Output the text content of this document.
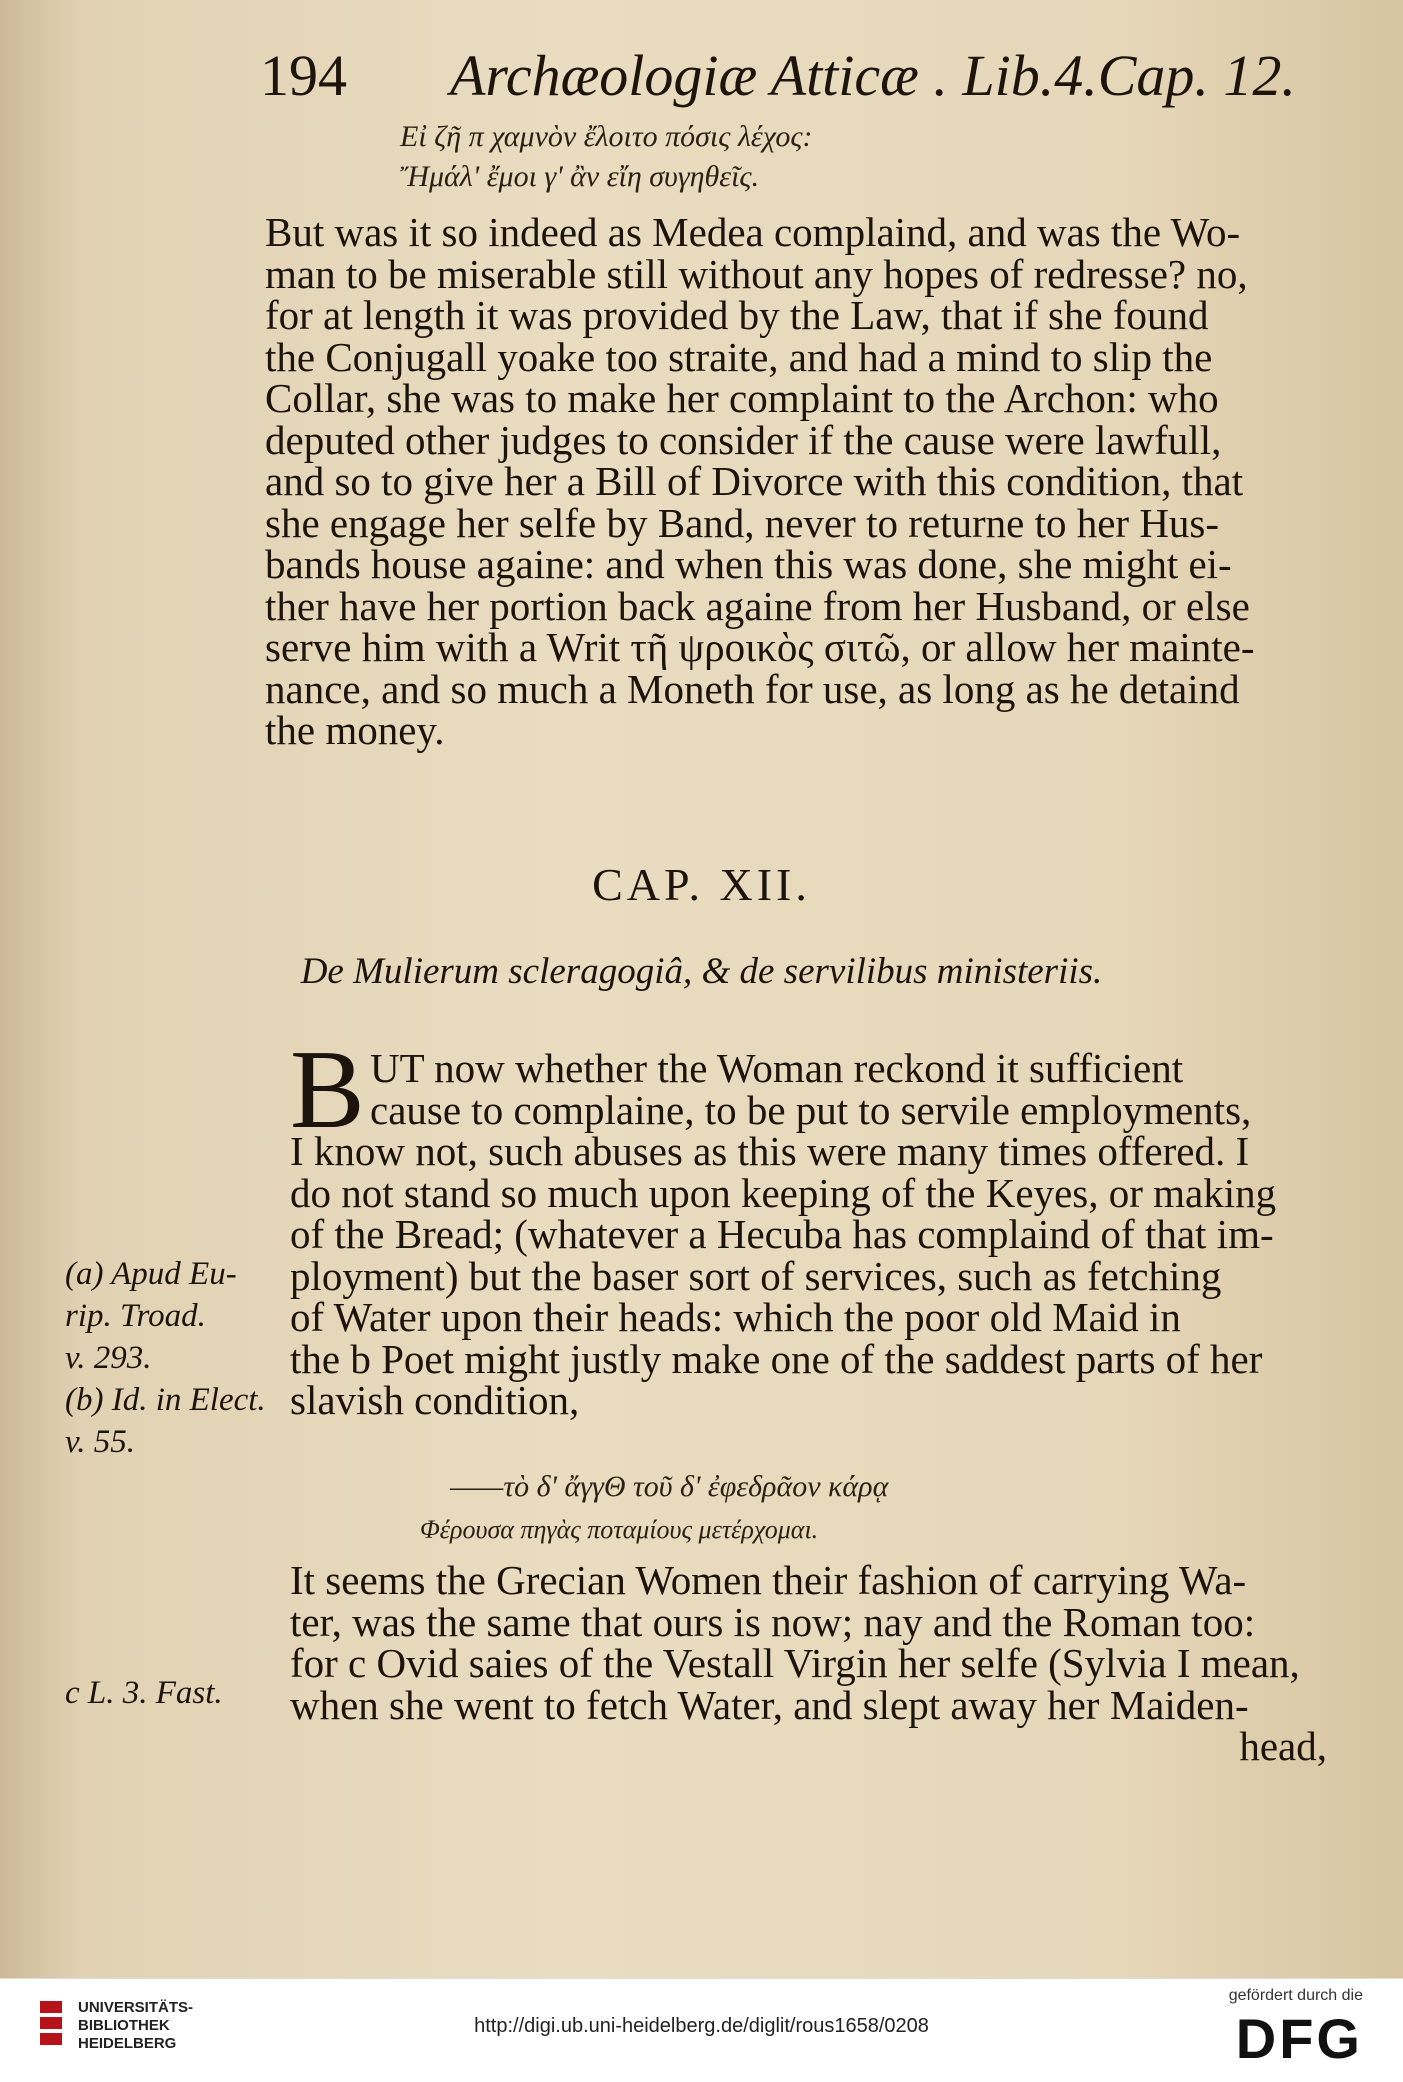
194 Archæologiæ Atticæ . Lib.4.Cap. 12.
Εἰ ζῆ π χαμνὸν ἔλοιτο πόσις λέχος:
Ἤμάλ' ἔμοι γ' ἂν εἴη συγηθεῖς.
But was it so indeed as Medea complaind, and was the Wo-
man to be miserable still without any hopes of redresse? no,
for at length it was provided by the Law, that if she found
the Conjugall yoake too straite, and had a mind to slip the
Collar, she was to make her complaint to the Archon: who
deputed other judges to consider if the cause were lawfull,
and so to give her a Bill of Divorce with this condition, that
she engage her selfe by Band, never to returne to her Hus-
bands house againe: and when this was done, she might ei-
ther have her portion back againe from her Husband, or else
serve him with a Writ τῆ ψροικὸς σιτῶ, or allow her mainte-
nance, and so much a Moneth for use, as long as he detaind
the money.
CAP. XII.
De Mulierum scleragogiâ, & de servilibus ministeriis.
B UT now whether the Woman reckond it sufficient
cause to complaine, to be put to servile employments,
I know not, such abuses as this were many times offered. I
do not stand so much upon keeping of the Keyes, or making
of the Bread; (whatever a Hecuba has complaind of that im-
ployment) but the baser sort of services, such as fetching
of Water upon their heads: which the poor old Maid in
the b Poet might justly make one of the saddest parts of her
slavish condition,
——τὸ δ' ἄγγΘ τοῦ δ' ἐφεδρᾶον κάρᾳ
Φέρουσα πηγὰς ποταμίους μετέρχομαι.
It seems the Grecian Women their fashion of carrying Wa-
ter, was the same that ours is now; nay and the Roman too:
for c Ovid saies of the Vestall Virgin her selfe (Sylvia I mean,
when she went to fetch Water, and slept away her Maiden-
head,
(a) Apud Eu-
rip. Troad.
v. 293.
(b) Id. in Elect.
v. 55.
c L. 3. Fast.
UNIVERSITÄTS-
BIBLIOTHEK
HEIDELBERG
http://digi.ub.uni-heidelberg.de/diglit/rous1658/0208
gefördert durch die
DFG
